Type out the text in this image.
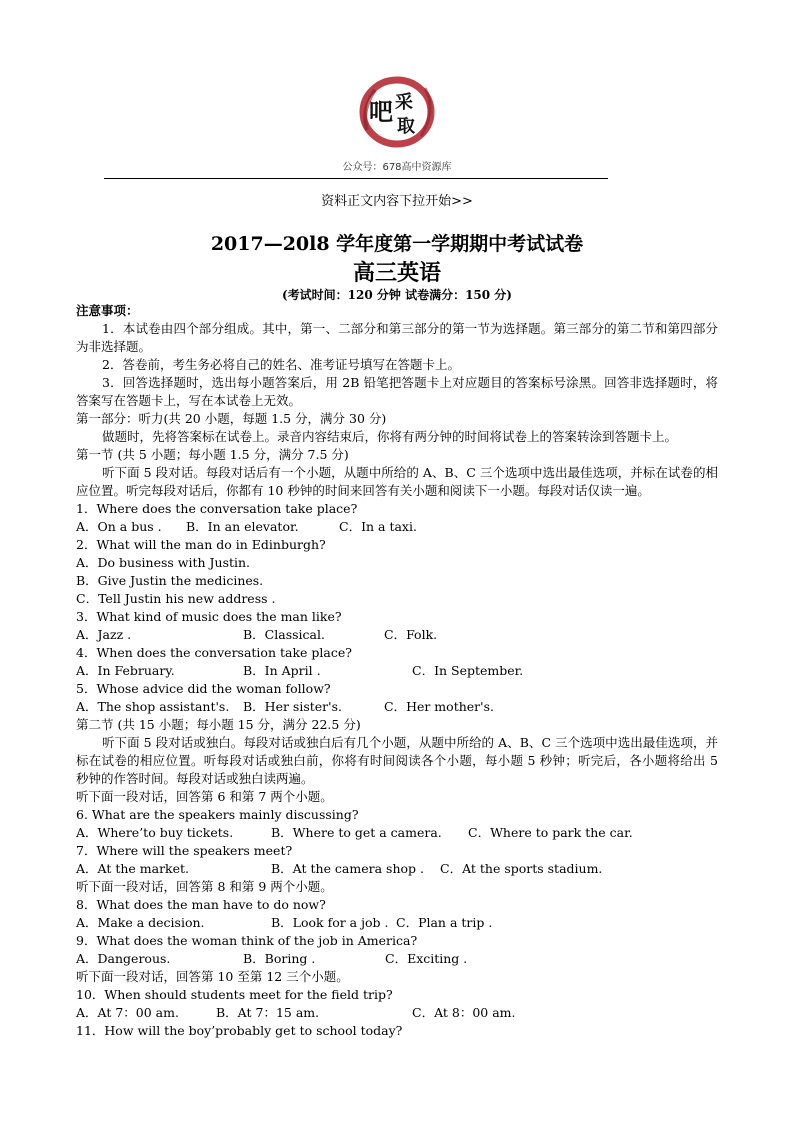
吧 采
取
公众号：678高中资源库
资料正文内容下拉开始>>
2017—20l8 学年度第一学期期中考试试卷
高三英语
(考试时间：120 分钟 试卷满分：150 分)

注意事项：

1．本试卷由四个部分组成。其中，第一、二部分和第三部分的第一节为选择题。第三部分的第二节和第四部分为非选择题。

2．答卷前，考生务必将自己的姓名、准考证号填写在答题卡上。

3．回答选择题时，选出每小题答案后，用 2B 铅笔把答题卡上对应题目的答案标号涂黑。回答非选择题时，将答案写在答题卡上，写在本试卷上无效。

第一部分：听力(共 20 小题，每题 1.5 分，满分 30 分)

做题时，先将答案标在试卷上。录音内容结束后，你将有两分钟的时间将试卷上的答案转涂到答题卡上。

第一节 (共 5 小题；每小题 1.5 分，满分 7.5 分)

听下面 5 段对话。每段对话后有一个小题，从题中所给的 A、B、C 三个选项中选出最佳选项，并标在试卷的相应位置。听完每段对话后，你都有 10 秒钟的时间来回答有关小题和阅读下一小题。每段对话仅读一遍。

1．Where does the conversation take place?

A．On a bus . B．In an elevator.	C．In a taxi.

2．What will the man do in Edinburgh?

A．Do business with Justin.

B．Give Justin the medicines.

C．Tell Justin his new address .

3．What kind of music does the man like?

A．Jazz .	B．Classical.	C．Folk.

4．When does the conversation take place?

A．In February.	B．In April .	C．In September.

5．Whose advice did the woman follow?

A．The shop assistant's. B．Her sister's.	C．Her mother's.

第二节 (共 15 小题；每小题 15 分，满分 22.5 分)

听下面 5 段对话或独白。每段对话或独白后有几个小题，从题中所给的 A、B、C 三个选项中选出最佳选项，并标在试卷的相应位置。听每段对话或独白前，你将有时间阅读各个小题，每小题 5 秒钟；听完后，各小题将给出 5 秒钟的作答时间。每段对话或独白读两遍。

听下面一段对话，回答第 6 和第 7 两个小题。

6. What are the speakers mainly discussing?

A．Where’to buy tickets.	B．Where to get a camera. C．Where to park the car.

7．Where will the speakers meet?

A．At the market.	B．At the camera shop . C．At the sports stadium.

听下面一段对话，回答第 8 和第 9 两个小题。

8．What does the man have to do now?

A．Make a decision.	B．Look for a job . C．Plan a trip .

9．What does the woman think of the job in America?

A．Dangerous.	B．Boring .	C．Exciting .

听下面一段对话，回答第 10 至第 12 三个小题。

10．When should students meet for the field trip?

A．At 7：00 am.	B．At 7：15 am.	C．At 8：00 am.

11．How will the boy’probably get to school today?
